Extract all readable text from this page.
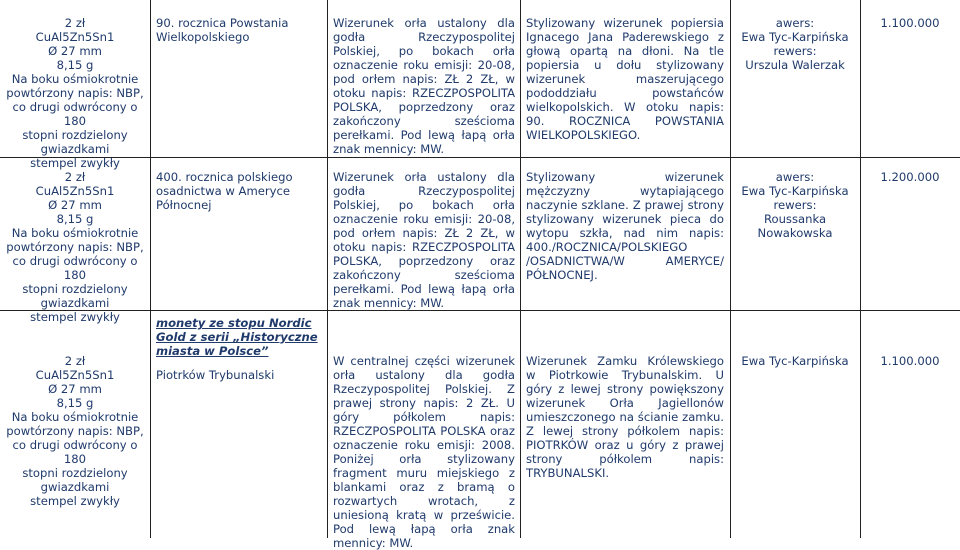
2 zł
CuAl5Zn5Sn1
Ø 27 mm
8,15 g
Na boku ośmiokrotnie
powtórzony napis: NBP,
co drugi odwrócony o 180
stopni rozdzielony
gwiazdkami
stempel zwykły
90. rocznica Powstania
Wielkopolskiego
Wizerunek orła ustalony dla godła Rzeczypospolitej Polskiej, po bokach orła oznaczenie roku emisji: 20-08, pod orłem napis: ZŁ 2 ZŁ, w otoku napis: RZECZPOSPOLITA POLSKA, poprzedzony oraz zakończony sześcioma perełkami. Pod lewą łapą orła znak mennicy: MW.
Stylizowany wizerunek popiersia Ignacego Jana Paderewskiego z głową opartą na dłoni. Na tle popiersia u dołu stylizowany wizerunek maszerującego pododdziału powstańców wielkopolskich. W otoku napis: 90. ROCZNICA POWSTANIA WIELKOPOLSKIEGO.
awers:
Ewa Tyc-Karpińska
rewers:
Urszula Walerzak
1.100.000
2 zł
CuAl5Zn5Sn1
Ø 27 mm
8,15 g
Na boku ośmiokrotnie
powtórzony napis: NBP,
co drugi odwrócony o 180
stopni rozdzielony
gwiazdkami
stempel zwykły
400. rocznica polskiego
osadnictwa w Ameryce
Północnej
Wizerunek orła ustalony dla godła Rzeczypospolitej Polskiej, po bokach orła oznaczenie roku emisji: 20-08, pod orłem napis: ZŁ 2 ZŁ, w otoku napis: RZECZPOSPOLITA POLSKA, poprzedzony oraz zakończony sześcioma perełkami. Pod lewą łapą orła znak mennicy: MW.
Stylizowany wizerunek mężczyzny wytapiającego naczynie szklane. Z prawej strony stylizowany wizerunek pieca do wytopu szkła, nad nim napis: 400./ROCZNICA/POLSKIEGO /OSADNICTWA/W AMERYCE/ PÓŁNOCNEJ.
awers:
Ewa Tyc-Karpińska
rewers:
Roussanka
Nowakowska
1.200.000
2 zł
CuAl5Zn5Sn1
Ø 27 mm
8,15 g
Na boku ośmiokrotnie
powtórzony napis: NBP,
co drugi odwrócony o 180
stopni rozdzielony
gwiazdkami
stempel zwykły
monety ze stopu Nordic
Gold z serii „Historyczne
miasta w Polsce”
Piotrków Trybunalski
W centralnej części wizerunek orła ustalony dla godła Rzeczypospolitej Polskiej. Z prawej strony napis: 2 ZŁ. U góry półkolem napis: RZECZPOSPOLITA POLSKA oraz oznaczenie roku emisji: 2008. Poniżej orła stylizowany fragment muru miejskiego z blankami oraz z bramą o rozwartych wrotach, z uniesioną kratą w prześwicie. Pod lewą łapą orła znak mennicy: MW.
Wizerunek Zamku Królewskiego w Piotrkowie Trybunalskim. U góry z lewej strony powiększony wizerunek Orła Jagiellonów umieszczonego na ścianie zamku. Z lewej strony półkolem napis: PIOTRKÓW oraz u góry z prawej strony półkolem napis: TRYBUNALSKI.
Ewa Tyc-Karpińska	1.100.000
